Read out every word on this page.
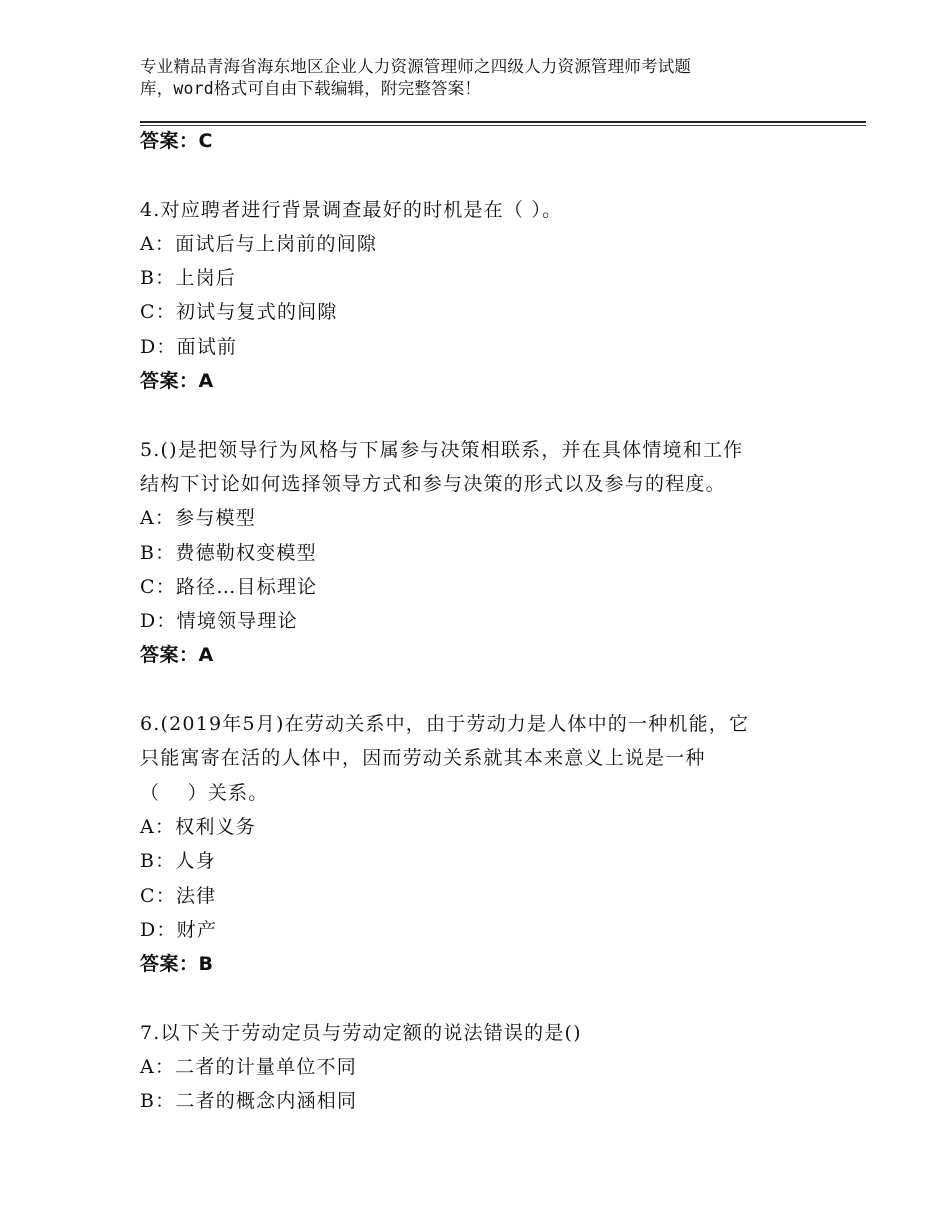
专业精品青海省海东地区企业人力资源管理师之四级人力资源管理师考试题
库，word格式可自由下载编辑，附完整答案！
答案：C
4.对应聘者进行背景调查最好的时机是在（ ）。
A：面试后与上岗前的间隙
B：上岗后
C：初试与复式的间隙
D：面试前
答案：A
5.()是把领导行为风格与下属参与决策相联系，并在具体情境和工作
结构下讨论如何选择领导方式和参与决策的形式以及参与的程度。
A：参与模型
B：费德勒权变模型
C：路径…目标理论
D：情境领导理论
答案：A
6.(2019年5月)在劳动关系中，由于劳动力是人体中的一种机能，它
只能寓寄在活的人体中，因而劳动关系就其本来意义上说是一种
（　 ）关系。
A：权利义务
B：人身
C：法律
D：财产
答案：B
7.以下关于劳动定员与劳动定额的说法错误的是()
A：二者的计量单位不同
B：二者的概念内涵相同
